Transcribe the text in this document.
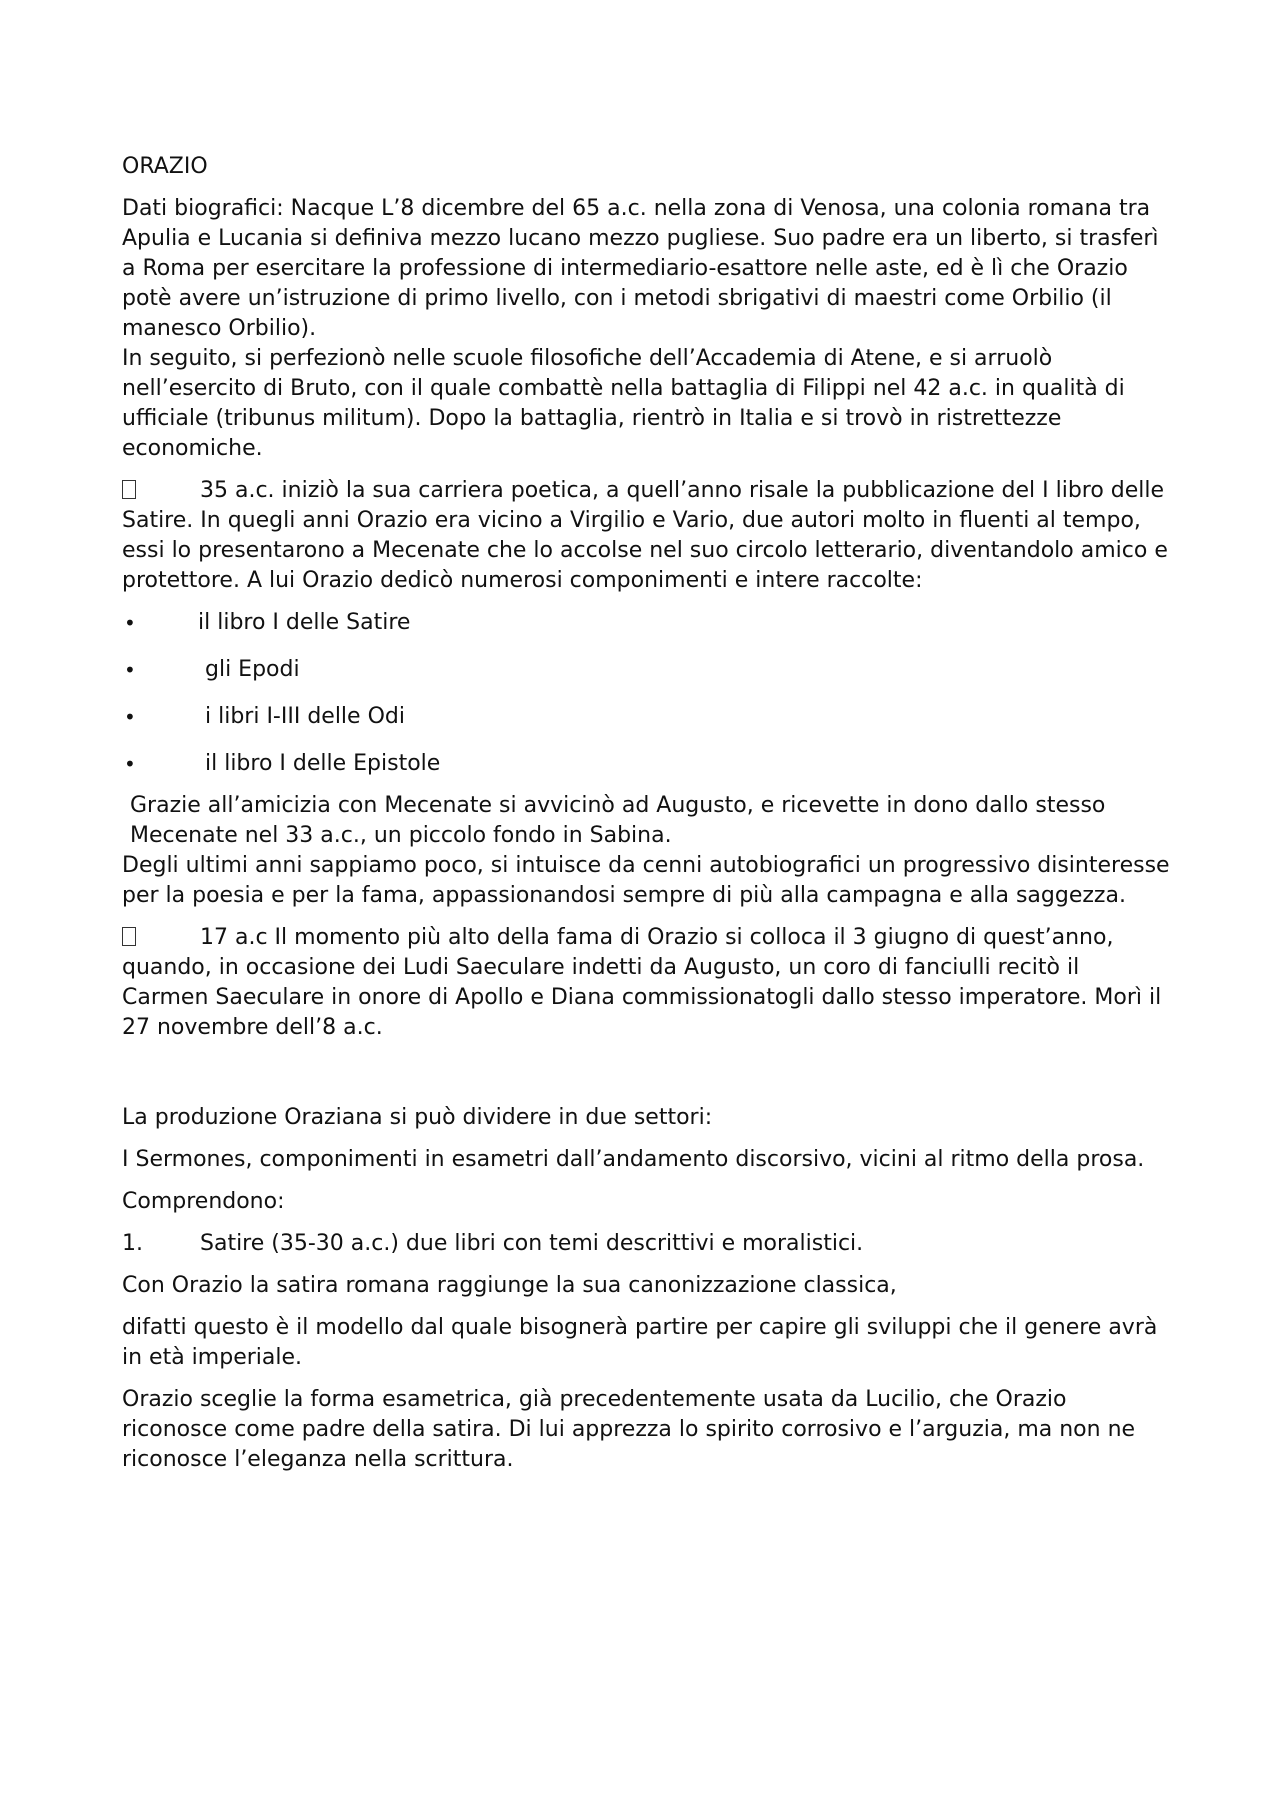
ORAZIO

Dati biografici: Nacque L’8 dicembre del 65 a.c. nella zona di Venosa, una colonia romana tra Apulia e Lucania si definiva mezzo lucano mezzo pugliese. Suo padre era un liberto, si trasferì a Roma per esercitare la professione di intermediario-esattore nelle aste, ed è lì che Orazio potè avere un’istruzione di primo livello, con i metodi sbrigativi di maestri come Orbilio (il manesco Orbilio).

In seguito, si perfezionò nelle scuole filosofiche dell’Accademia di Atene, e si arruolò nell’esercito di Bruto, con il quale combattè nella battaglia di Filippi nel 42 a.c. in qualità di ufficiale (tribunus militum). Dopo la battaglia, rientrò in Italia e si trovò in ristrettezze economiche.

35 a.c. iniziò la sua carriera poetica, a quell’anno risale la pubblicazione del I libro delle Satire. In quegli anni Orazio era vicino a Virgilio e Vario, due autori molto in fluenti al tempo, essi lo presentarono a Mecenate che lo accolse nel suo circolo letterario, diventandolo amico e protettore. A lui Orazio dedicò numerosi componimenti e intere raccolte:
•	il libro I delle Satire
•	gli Epodi
•	i libri I-III delle Odi
•	il libro I delle Epistole

Grazie all’amicizia con Mecenate si avvicinò ad Augusto, e ricevette in dono dallo stesso Mecenate nel 33 a.c., un piccolo fondo in Sabina.

Degli ultimi anni sappiamo poco, si intuisce da cenni autobiografici un progressivo disinteresse per la poesia e per la fama, appassionandosi sempre di più alla campagna e alla saggezza.

17 a.c Il momento più alto della fama di Orazio si colloca il 3 giugno di quest’anno, quando, in occasione dei Ludi Saeculare indetti da Augusto, un coro di fanciulli recitò il Carmen Saeculare in onore di Apollo e Diana commissionatogli dallo stesso imperatore. Morì il 27 novembre dell’8 a.c.

La produzione Oraziana si può dividere in due settori:

I Sermones, componimenti in esametri dall’andamento discorsivo, vicini al ritmo della prosa.

Comprendono:

1.	Satire (35-30 a.c.) due libri con temi descrittivi e moralistici.

Con Orazio la satira romana raggiunge la sua canonizzazione classica,

difatti questo è il modello dal quale bisognerà partire per capire gli sviluppi che il genere avrà in età imperiale.

Orazio sceglie la forma esametrica, già precedentemente usata da Lucilio, che Orazio riconosce come padre della satira. Di lui apprezza lo spirito corrosivo e l’arguzia, ma non ne riconosce l’eleganza nella scrittura.
